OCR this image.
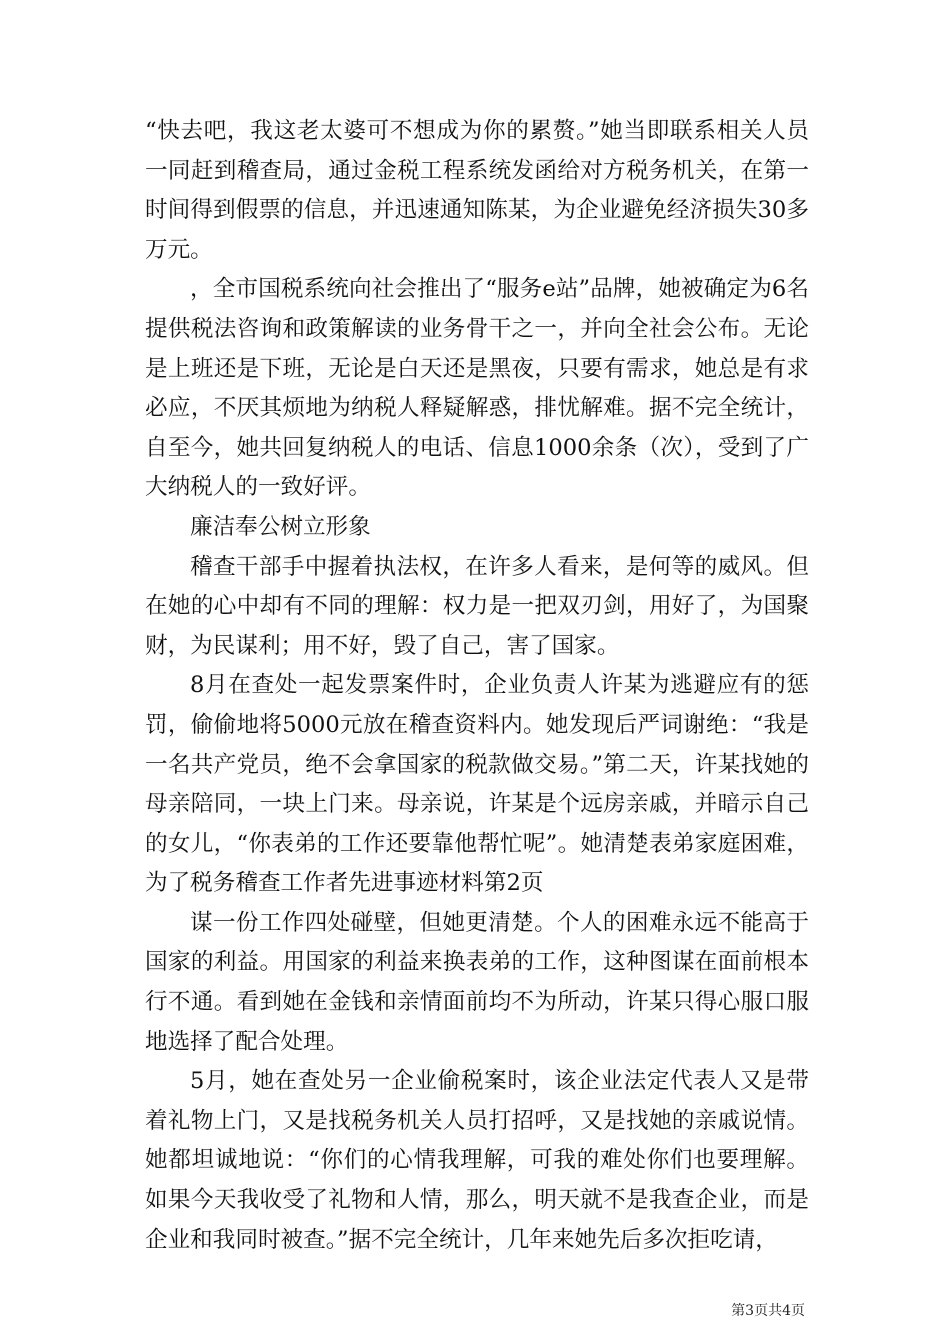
“快去吧，我这老太婆可不想成为你的累赘。”她当即联系相关人员一同赶到稽查局，通过金税工程系统发函给对方税务机关，在第一时间得到假票的信息，并迅速通知陈某，为企业避免经济损失30多万元。

，全市国税系统向社会推出了“服务e站”品牌，她被确定为6名提供税法咨询和政策解读的业务骨干之一，并向全社会公布。无论是上班还是下班，无论是白天还是黑夜，只要有需求，她总是有求必应，不厌其烦地为纳税人释疑解惑，排忧解难。据不完全统计，自至今，她共回复纳税人的电话、信息1000余条（次），受到了广大纳税人的一致好评。

廉洁奉公树立形象

稽查干部手中握着执法权，在许多人看来，是何等的威风。但在她的心中却有不同的理解：权力是一把双刃剑，用好了，为国聚财，为民谋利；用不好，毁了自己，害了国家。

8月在查处一起发票案件时，企业负责人许某为逃避应有的惩罚，偷偷地将5000元放在稽查资料内。她发现后严词谢绝：“我是一名共产党员，绝不会拿国家的税款做交易。”第二天，许某找她的母亲陪同，一块上门来。母亲说，许某是个远房亲戚，并暗示自己的女儿，“你表弟的工作还要靠他帮忙呢”。她清楚表弟家庭困难，为了税务稽查工作者先进事迹材料第2页

谋一份工作四处碰壁，但她更清楚。个人的困难永远不能高于国家的利益。用国家的利益来换表弟的工作，这种图谋在面前根本行不通。看到她在金钱和亲情面前均不为所动，许某只得心服口服地选择了配合处理。

5月，她在查处另一企业偷税案时，该企业法定代表人又是带着礼物上门，又是找税务机关人员打招呼，又是找她的亲戚说情。她都坦诚地说：“你们的心情我理解，可我的难处你们也要理解。如果今天我收受了礼物和人情，那么，明天就不是我查企业，而是企业和我同时被查。”据不完全统计，几年来她先后多次拒吃请，

第3页共4页
